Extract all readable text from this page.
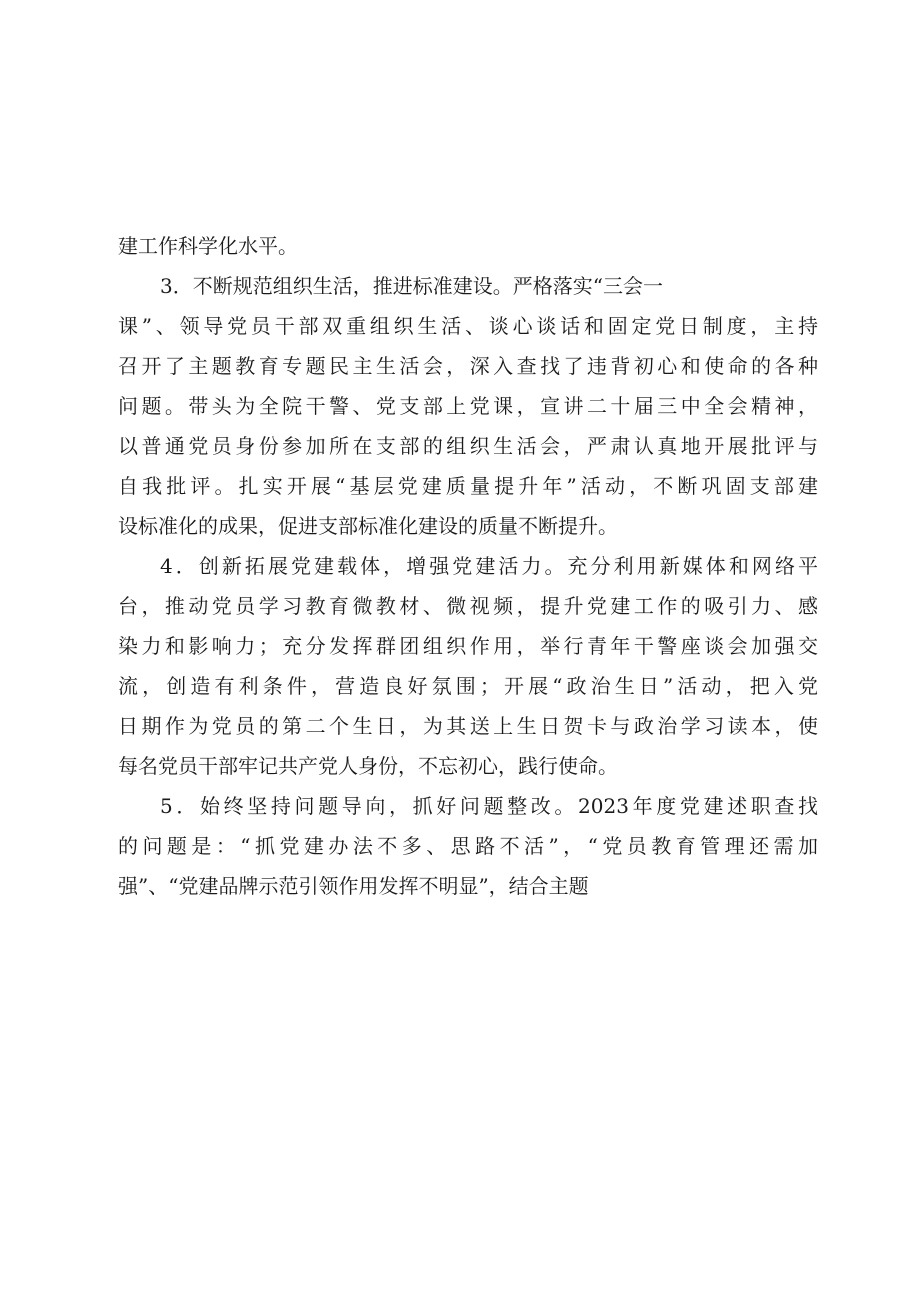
建工作科学化水平。
3．不断规范组织生活，推进标准建设。严格落实“三会一
课”、领导党员干部双重组织生活、谈心谈话和固定党日制度，主持
召开了主题教育专题民主生活会，深入查找了违背初心和使命的各种
问题。带头为全院干警、党支部上党课，宣讲二十届三中全会精神，
以普通党员身份参加所在支部的组织生活会，严肃认真地开展批评与
自我批评。扎实开展“基层党建质量提升年”活动，不断巩固支部建
设标准化的成果，促进支部标准化建设的质量不断提升。
4．创新拓展党建载体，增强党建活力。充分利用新媒体和网络平
台，推动党员学习教育微教材、微视频，提升党建工作的吸引力、感
染力和影响力；充分发挥群团组织作用，举行青年干警座谈会加强交
流，创造有利条件，营造良好氛围；开展“政治生日”活动，把入党
日期作为党员的第二个生日，为其送上生日贺卡与政治学习读本，使
每名党员干部牢记共产党人身份，不忘初心，践行使命。
5．始终坚持问题导向，抓好问题整改。2023年度党建述职查找
的问题是：“抓党建办法不多、思路不活”，“党员教育管理还需加
强”、“党建品牌示范引领作用发挥不明显”，结合主题
